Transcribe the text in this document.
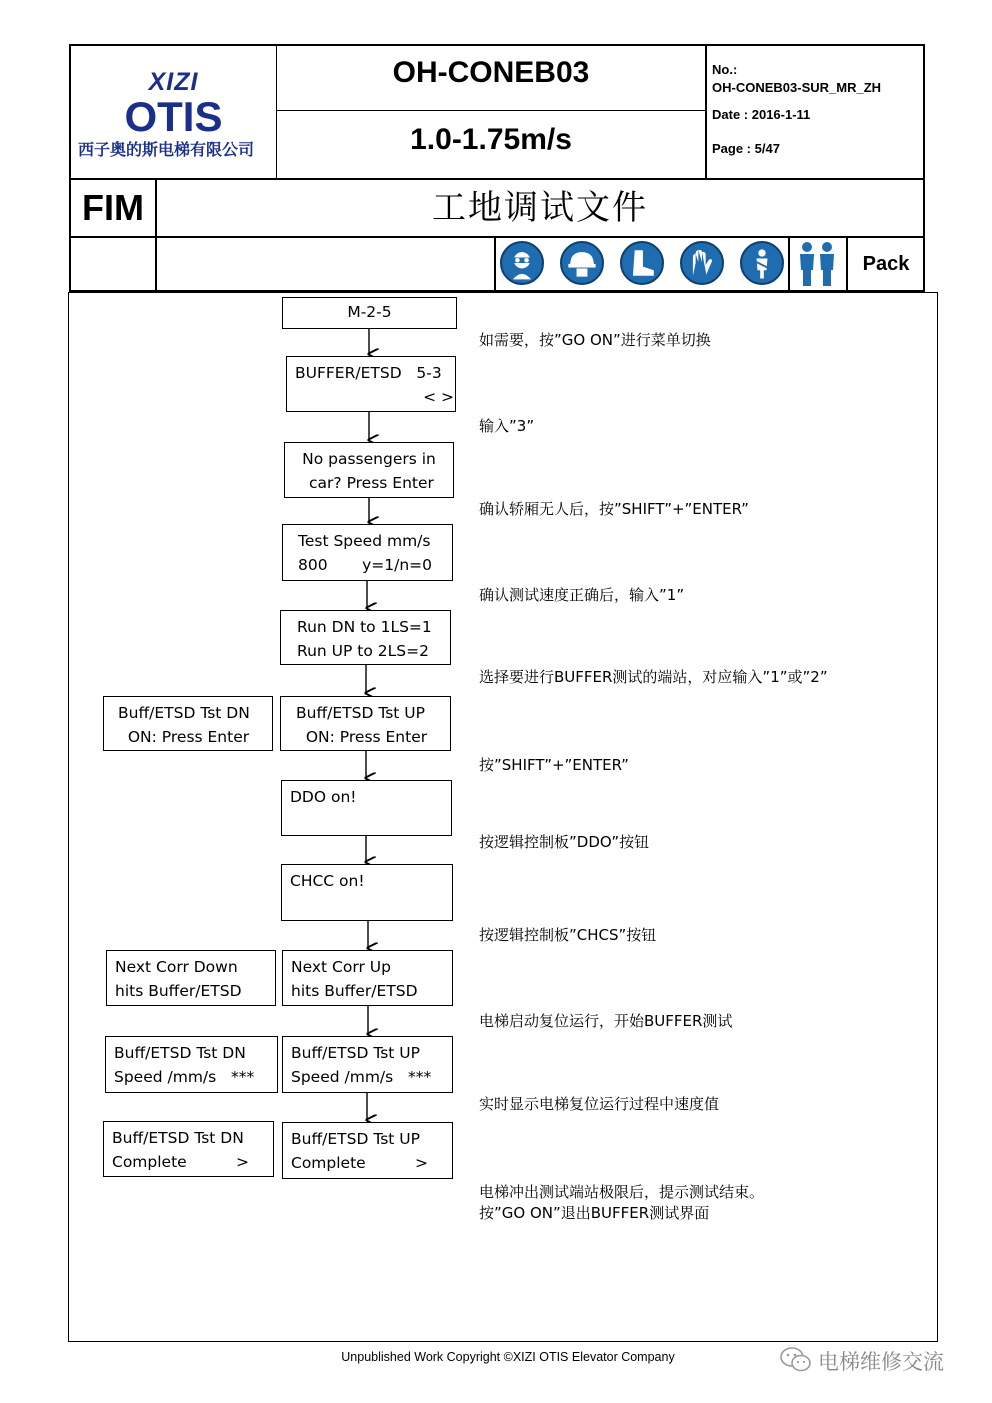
XIZI
OTIS
西子奥的斯电梯有限公司
OH-CONEB03
1.0-1.75m/s
No.:
OH-CONEB03-SUR_MR_ZH
Date : 2016-1-11
Page : 5/47
FIM	工地调试文件
Pack
M-2-5
BUFFER/ETSD   5-3
< >
No passengers in
car? Press Enter
Test Speed mm/s
800       y=1/n=0
Run DN to 1LS=1
Run UP to 2LS=2
Buff/ETSD Tst DN
ON: Press Enter
Buff/ETSD Tst UP
ON: Press Enter
DDO on!
CHCC on!
Next Corr Down
hits Buffer/ETSD
Next Corr Up
hits Buffer/ETSD
Buff/ETSD Tst DN
Speed /mm/s   ***
Buff/ETSD Tst UP
Speed /mm/s   ***
Buff/ETSD Tst DN
Complete          >
Buff/ETSD Tst UP
Complete          >
如需要，按”GO ON”进行菜单切换
输入”3”
确认轿厢无人后，按”SHIFT”+”ENTER”
确认测试速度正确后，输入”1”
选择要进行BUFFER测试的端站，对应输入”1”或”2”
按”SHIFT”+”ENTER”
按逻辑控制板”DDO”按钮
按逻辑控制板”CHCS”按钮
电梯启动复位运行，开始BUFFER测试
实时显示电梯复位运行过程中速度值
电梯冲出测试端站极限后，提示测试结束。
按”GO ON”退出BUFFER测试界面
Unpublished Work Copyright ©XIZI OTIS Elevator Company	电梯维修交流
